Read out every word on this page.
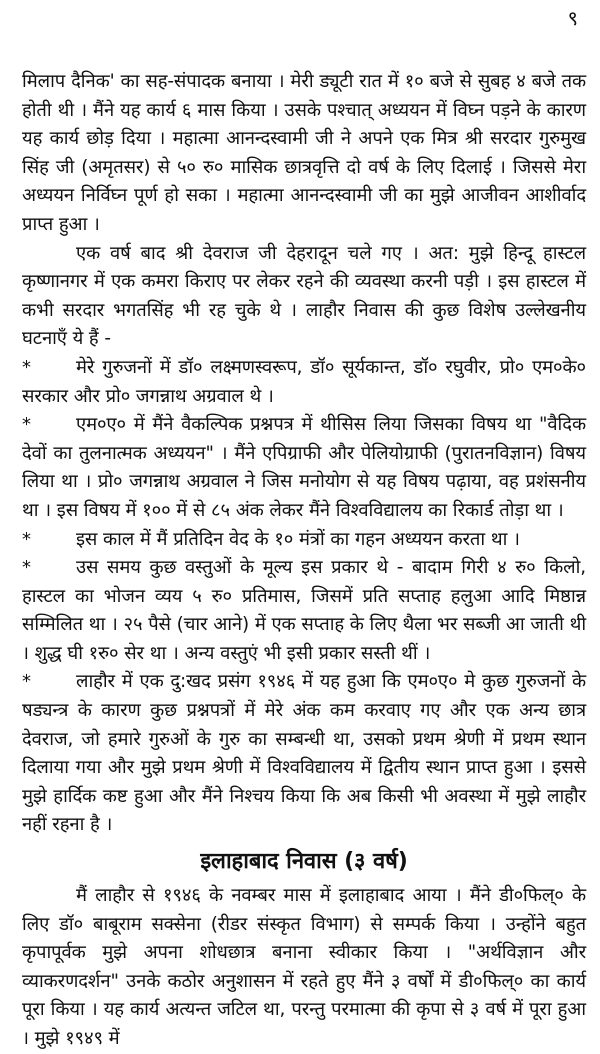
९

मिलाप दैनिक' का सह-संपादक बनाया । मेरी ड्यूटी रात में १० बजे से सुबह ४ बजे तक होती थी । मैंने यह कार्य ६ मास किया । उसके पश्चात् अध्ययन में विघ्न पड़ने के कारण यह कार्य छोड़ दिया । महात्मा आनन्दस्वामी जी ने अपने एक मित्र श्री सरदार गुरुमुख सिंह जी (अमृतसर) से ५० रु० मासिक छात्रवृत्ति दो वर्ष के लिए दिलाई । जिससे मेरा अध्ययन निर्विघ्न पूर्ण हो सका । महात्मा आनन्दस्वामी जी का मुझे आजीवन आशीर्वाद प्राप्त हुआ ।

एक वर्ष बाद श्री देवराज जी देहरादून चले गए । अत: मुझे हिन्दू हास्टल कृष्णानगर में एक कमरा किराए पर लेकर रहने की व्यवस्था करनी पड़ी । इस हास्टल में कभी सरदार भगतसिंह भी रह चुके थे । लाहौर निवास की कुछ विशेष उल्लेखनीय घटनाएँ ये हैं -

* मेरे गुरुजनों में डॉ० लक्ष्मणस्वरूप, डॉ० सूर्यकान्त, डॉ० रघुवीर, प्रो० एम०के० सरकार और प्रो० जगन्नाथ अग्रवाल थे ।

* एम०ए० में मैंने वैकल्पिक प्रश्नपत्र में थीसिस लिया जिसका विषय था "वैदिक देवों का तुलनात्मक अध्ययन" । मैंने एपिग्राफी और पेलियोग्राफी (पुरातनविज्ञान) विषय लिया था । प्रो० जगन्नाथ अग्रवाल ने जिस मनोयोग से यह विषय पढ़ाया, वह प्रशंसनीय था । इस विषय में १०० में से ८५ अंक लेकर मैंने विश्वविद्यालय का रिकार्ड तोड़ा था ।

* इस काल में मैं प्रतिदिन वेद के १० मंत्रों का गहन अध्ययन करता था ।

* उस समय कुछ वस्तुओं के मूल्य इस प्रकार थे - बादाम गिरी ४ रु० किलो, हास्टल का भोजन व्यय ५ रु० प्रतिमास, जिसमें प्रति सप्ताह हलुआ आदि मिष्ठान्न सम्मिलित था । २५ पैसे (चार आने) में एक सप्ताह के लिए थैला भर सब्जी आ जाती थी । शुद्ध घी १रु० सेर था । अन्य वस्तुएं भी इसी प्रकार सस्ती थीं ।

* लाहौर में एक दु:खद प्रसंग १९४६ में यह हुआ कि एम०ए० मे कुछ गुरुजनों के षड्यन्त्र के कारण कुछ प्रश्नपत्रों में मेरे अंक कम करवाए गए और एक अन्य छात्र देवराज, जो हमारे गुरुओं के गुरु का सम्बन्धी था, उसको प्रथम श्रेणी में प्रथम स्थान दिलाया गया और मुझे प्रथम श्रेणी में विश्वविद्यालय में द्वितीय स्थान प्राप्त हुआ । इससे मुझे हार्दिक कष्ट हुआ और मैंने निश्चय किया कि अब किसी भी अवस्था में मुझे लाहौर नहीं रहना है ।

इलाहाबाद निवास (३ वर्ष)

मैं लाहौर से १९४६ के नवम्बर मास में इलाहाबाद आया । मैंने डी०फिल्० के लिए डॉ० बाबूराम सक्सेना (रीडर संस्कृत विभाग) से सम्पर्क किया । उन्होंने बहुत कृपापूर्वक मुझे अपना शोधछात्र बनाना स्वीकार किया । "अर्थविज्ञान और व्याकरणदर्शन" उनके कठोर अनुशासन में रहते हुए मैंने ३ वर्षों में डी०फिल्० का कार्य पूरा किया । यह कार्य अत्यन्त जटिल था, परन्तु परमात्मा की कृपा से ३ वर्ष में पूरा हुआ । मुझे १९४९ में
